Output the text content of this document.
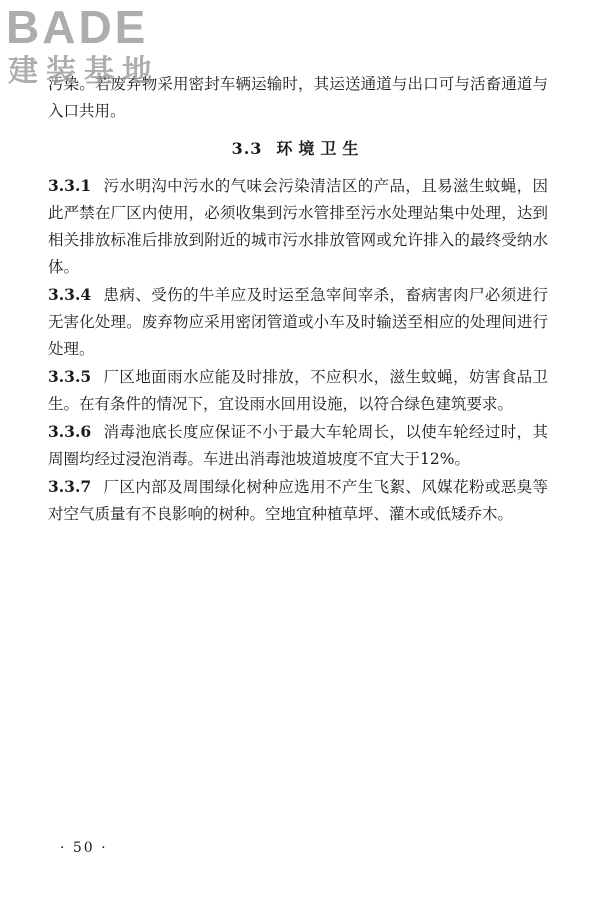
BADE
建装基地

污染。若废弃物采用密封车辆运输时，其运送通道与出口可与活畜通道与入口共用。

3.3 环境卫生

3.3.1 污水明沟中污水的气味会污染清洁区的产品，且易滋生蚊蝇，因此严禁在厂区内使用，必须收集到污水管排至污水处理站集中处理，达到相关排放标准后排放到附近的城市污水排放管网或允许排入的最终受纳水体。

3.3.4 患病、受伤的牛羊应及时运至急宰间宰杀，畜病害肉尸必须进行无害化处理。废弃物应采用密闭管道或小车及时输送至相应的处理间进行处理。

3.3.5 厂区地面雨水应能及时排放，不应积水，滋生蚊蝇，妨害食品卫生。在有条件的情况下，宜设雨水回用设施，以符合绿色建筑要求。

3.3.6 消毒池底长度应保证不小于最大车轮周长，以使车轮经过时，其周圈均经过浸泡消毒。车进出消毒池坡道坡度不宜大于12%。

3.3.7 厂区内部及周围绿化树种应选用不产生飞絮、风媒花粉或恶臭等对空气质量有不良影响的树种。空地宜种植草坪、灌木或低矮乔木。

· 50 ·
